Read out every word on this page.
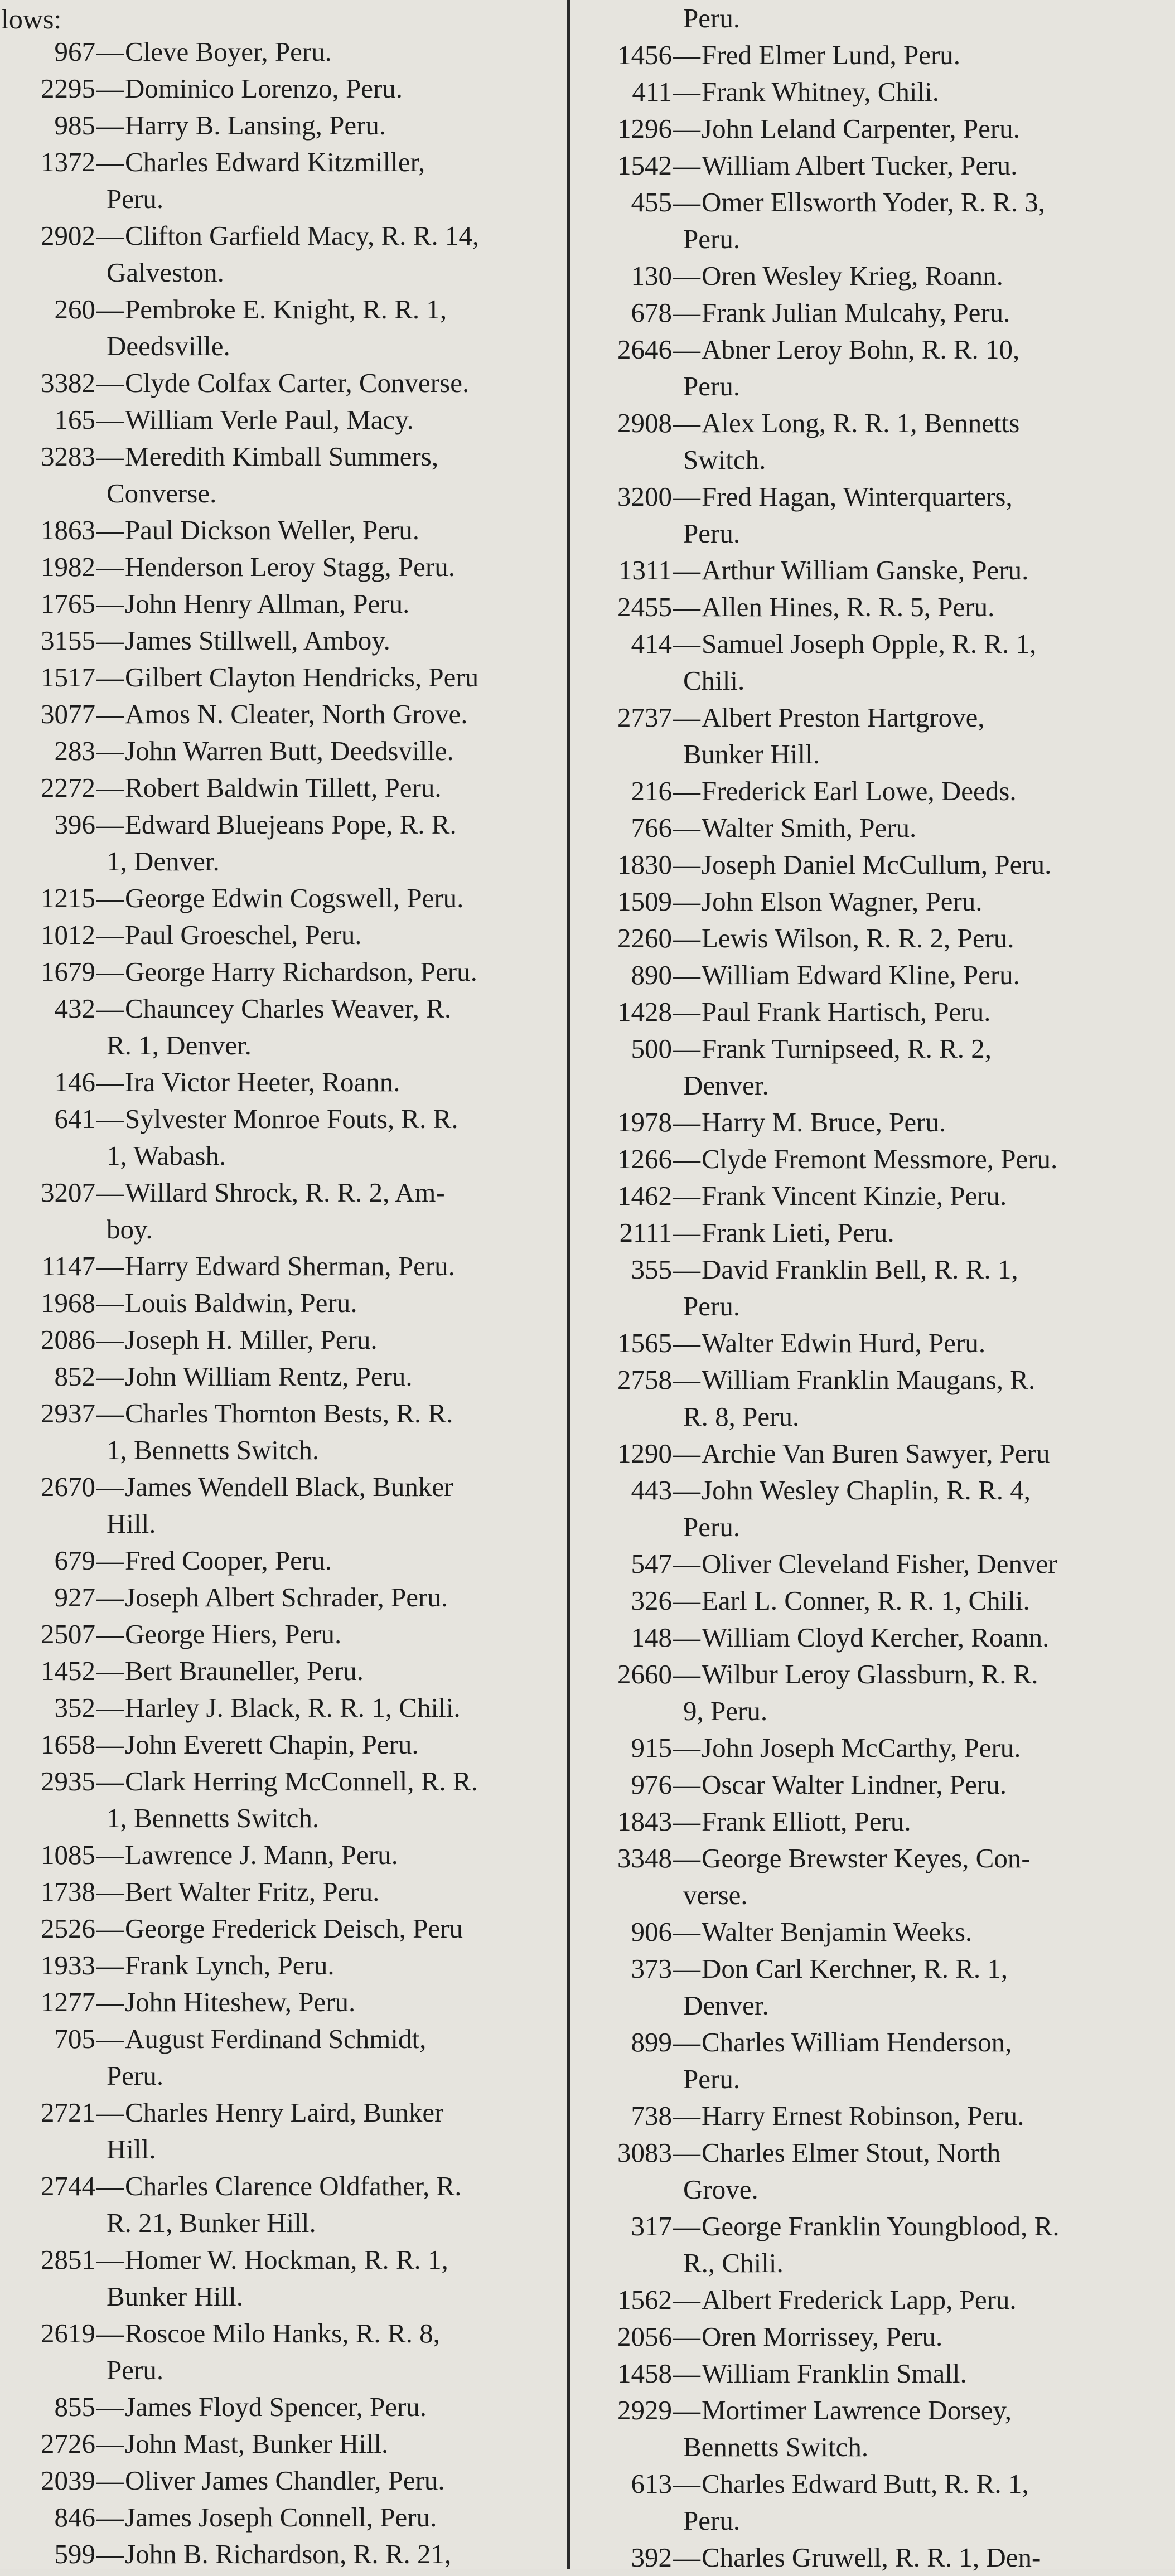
lows:
967—Cleve Boyer, Peru.
2295—Dominico Lorenzo, Peru.
985—Harry B. Lansing, Peru.
1372—Charles Edward Kitzmiller,
Peru.
2902—Clifton Garfield Macy, R. R. 14,
Galveston.
260—Pembroke E. Knight, R. R. 1,
Deedsville.
3382—Clyde Colfax Carter, Converse.
165—William Verle Paul, Macy.
3283—Meredith Kimball Summers,
Converse.
1863—Paul Dickson Weller, Peru.
1982—Henderson Leroy Stagg, Peru.
1765—John Henry Allman, Peru.
3155—James Stillwell, Amboy.
1517—Gilbert Clayton Hendricks, Peru
3077—Amos N. Cleater, North Grove.
283—John Warren Butt, Deedsville.
2272—Robert Baldwin Tillett, Peru.
396—Edward Bluejeans Pope, R. R.
1, Denver.
1215—George Edwin Cogswell, Peru.
1012—Paul Groeschel, Peru.
1679—George Harry Richardson, Peru.
432—Chauncey Charles Weaver, R.
R. 1, Denver.
146—Ira Victor Heeter, Roann.
641—Sylvester Monroe Fouts, R. R.
1, Wabash.
3207—Willard Shrock, R. R. 2, Am-
boy.
1147—Harry Edward Sherman, Peru.
1968—Louis Baldwin, Peru.
2086—Joseph H. Miller, Peru.
852—John William Rentz, Peru.
2937—Charles Thornton Bests, R. R.
1, Bennetts Switch.
2670—James Wendell Black, Bunker
Hill.
679—Fred Cooper, Peru.
927—Joseph Albert Schrader, Peru.
2507—George Hiers, Peru.
1452—Bert Brauneller, Peru.
352—Harley J. Black, R. R. 1, Chili.
1658—John Everett Chapin, Peru.
2935—Clark Herring McConnell, R. R.
1, Bennetts Switch.
1085—Lawrence J. Mann, Peru.
1738—Bert Walter Fritz, Peru.
2526—George Frederick Deisch, Peru
1933—Frank Lynch, Peru.
1277—John Hiteshew, Peru.
705—August Ferdinand Schmidt,
Peru.
2721—Charles Henry Laird, Bunker
Hill.
2744—Charles Clarence Oldfather, R.
R. 21, Bunker Hill.
2851—Homer W. Hockman, R. R. 1,
Bunker Hill.
2619—Roscoe Milo Hanks, R. R. 8,
Peru.
855—James Floyd Spencer, Peru.
2726—John Mast, Bunker Hill.
2039—Oliver James Chandler, Peru.
846—James Joseph Connell, Peru.
599—John B. Richardson, R. R. 21,
Peru.
1456—Fred Elmer Lund, Peru.
411—Frank Whitney, Chili.
1296—John Leland Carpenter, Peru.
1542—William Albert Tucker, Peru.
455—Omer Ellsworth Yoder, R. R. 3,
Peru.
130—Oren Wesley Krieg, Roann.
678—Frank Julian Mulcahy, Peru.
2646—Abner Leroy Bohn, R. R. 10,
Peru.
2908—Alex Long, R. R. 1, Bennetts
Switch.
3200—Fred Hagan, Winterquarters,
Peru.
1311—Arthur William Ganske, Peru.
2455—Allen Hines, R. R. 5, Peru.
414—Samuel Joseph Opple, R. R. 1,
Chili.
2737—Albert Preston Hartgrove,
Bunker Hill.
216—Frederick Earl Lowe, Deeds.
766—Walter Smith, Peru.
1830—Joseph Daniel McCullum, Peru.
1509—John Elson Wagner, Peru.
2260—Lewis Wilson, R. R. 2, Peru.
890—William Edward Kline, Peru.
1428—Paul Frank Hartisch, Peru.
500—Frank Turnipseed, R. R. 2,
Denver.
1978—Harry M. Bruce, Peru.
1266—Clyde Fremont Messmore, Peru.
1462—Frank Vincent Kinzie, Peru.
2111—Frank Lieti, Peru.
355—David Franklin Bell, R. R. 1,
Peru.
1565—Walter Edwin Hurd, Peru.
2758—William Franklin Maugans, R.
R. 8, Peru.
1290—Archie Van Buren Sawyer, Peru
443—John Wesley Chaplin, R. R. 4,
Peru.
547—Oliver Cleveland Fisher, Denver
326—Earl L. Conner, R. R. 1, Chili.
148—William Cloyd Kercher, Roann.
2660—Wilbur Leroy Glassburn, R. R.
9, Peru.
915—John Joseph McCarthy, Peru.
976—Oscar Walter Lindner, Peru.
1843—Frank Elliott, Peru.
3348—George Brewster Keyes, Con-
verse.
906—Walter Benjamin Weeks.
373—Don Carl Kerchner, R. R. 1,
Denver.
899—Charles William Henderson,
Peru.
738—Harry Ernest Robinson, Peru.
3083—Charles Elmer Stout, North
Grove.
317—George Franklin Youngblood, R.
R., Chili.
1562—Albert Frederick Lapp, Peru.
2056—Oren Morrissey, Peru.
1458—William Franklin Small.
2929—Mortimer Lawrence Dorsey,
Bennetts Switch.
613—Charles Edward Butt, R. R. 1,
Peru.
392—Charles Gruwell, R. R. 1, Den-
